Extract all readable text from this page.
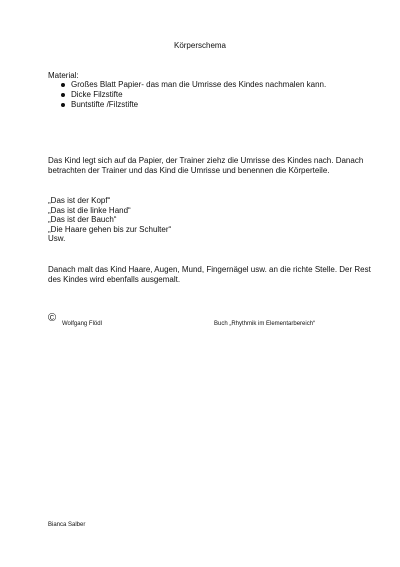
Körperschema
Material:
Großes Blatt Papier- das man die Umrisse des Kindes nachmalen kann.
Dicke Filzstifte
Buntstifte /Filzstifte
Das Kind legt sich auf da Papier, der Trainer ziehz die Umrisse des Kindes nach. Danach betrachten der Trainer und das Kind die Umrisse und benennen die Körperteile.
„Das ist der Kopf“
„Das ist die linke Hand“
„Das ist der Bauch“
„Die Haare gehen bis zur Schulter“
Usw.
Danach malt das Kind Haare, Augen, Mund, Fingernägel usw. an die richte Stelle. Der Rest des Kindes wird ebenfalls ausgemalt.
© Wolfgang Flödl	Buch „Rhythmik im Elementarbereich“
Bianca Salber
